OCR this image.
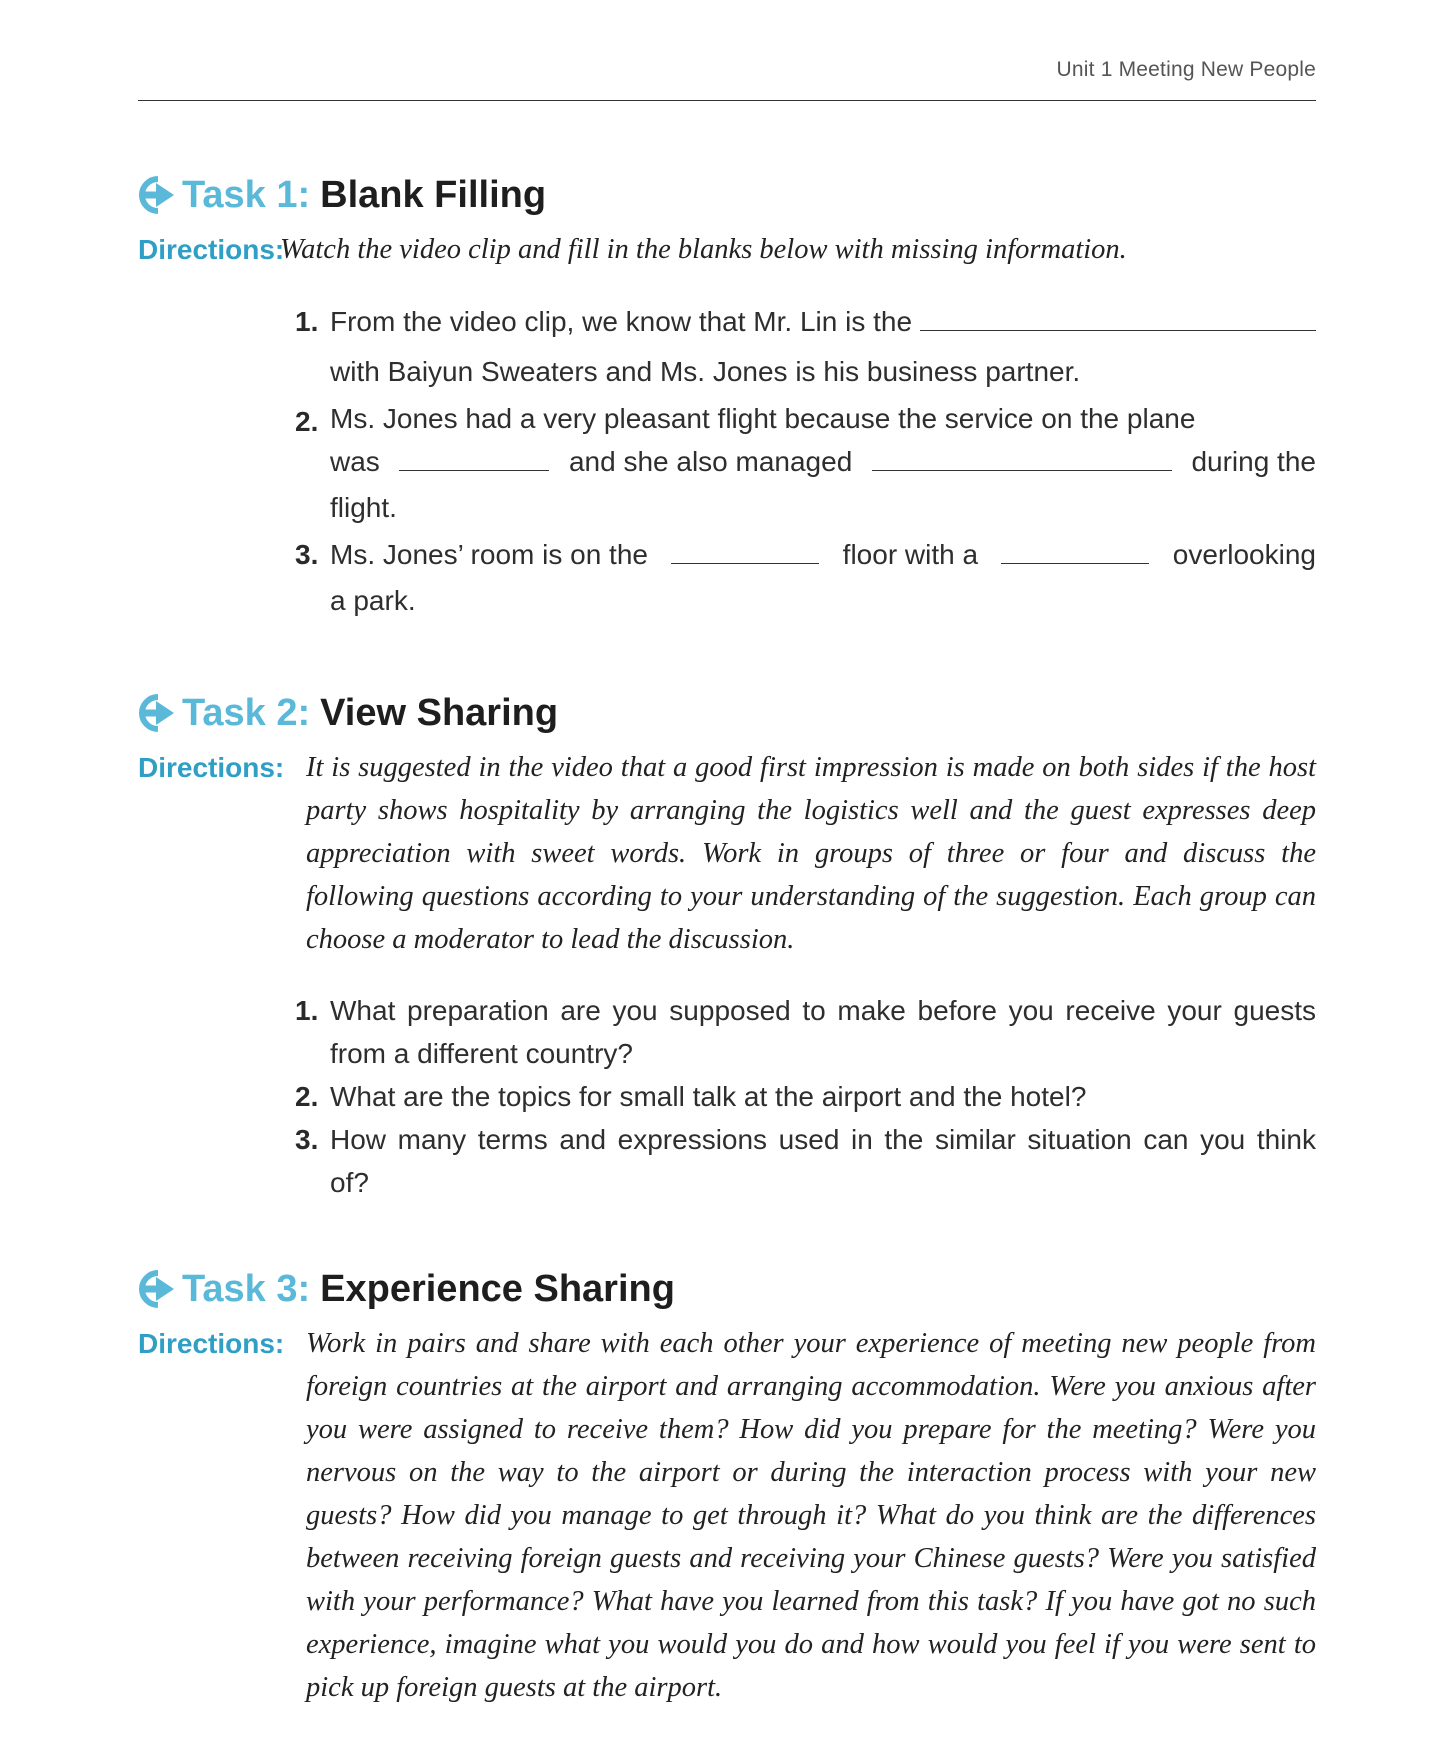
Unit 1 Meeting New People
Task 1: Blank Filling
Directions:
Watch the video clip and fill in the blanks below with missing information.
1. From the video clip, we know that Mr. Lin is the
with Baiyun Sweaters and Ms. Jones is his business partner.
2. Ms. Jones had a very pleasant flight because the service on the plane
was	and she also managed	during the
flight.
3. Ms. Jones’ room is on the	floor with a	overlooking
a park.
Task 2: View Sharing
Directions: It is suggested in the video that a good first impression is made on both sides if the host party shows hospitality by arranging the logistics well and the guest expresses deep appreciation with sweet words. Work in groups of three or four and discuss the following questions according to your understanding of the suggestion. Each group can choose a moderator to lead the discussion.
1. What preparation are you supposed to make before you receive your guests from a different country?
2. What are the topics for small talk at the airport and the hotel?
3. How many terms and expressions used in the similar situation can you think of?
Task 3: Experience Sharing
Directions: Work in pairs and share with each other your experience of meeting new people from foreign countries at the airport and arranging accommodation. Were you anxious after you were assigned to receive them? How did you prepare for the meeting? Were you nervous on the way to the airport or during the interaction process with your new guests? How did you manage to get through it? What do you think are the differences between receiving foreign guests and receiving your Chinese guests? Were you satisfied with your performance? What have you learned from this task? If you have got no such experience, imagine what you would you do and how would you feel if you were sent to pick up foreign guests at the airport.
